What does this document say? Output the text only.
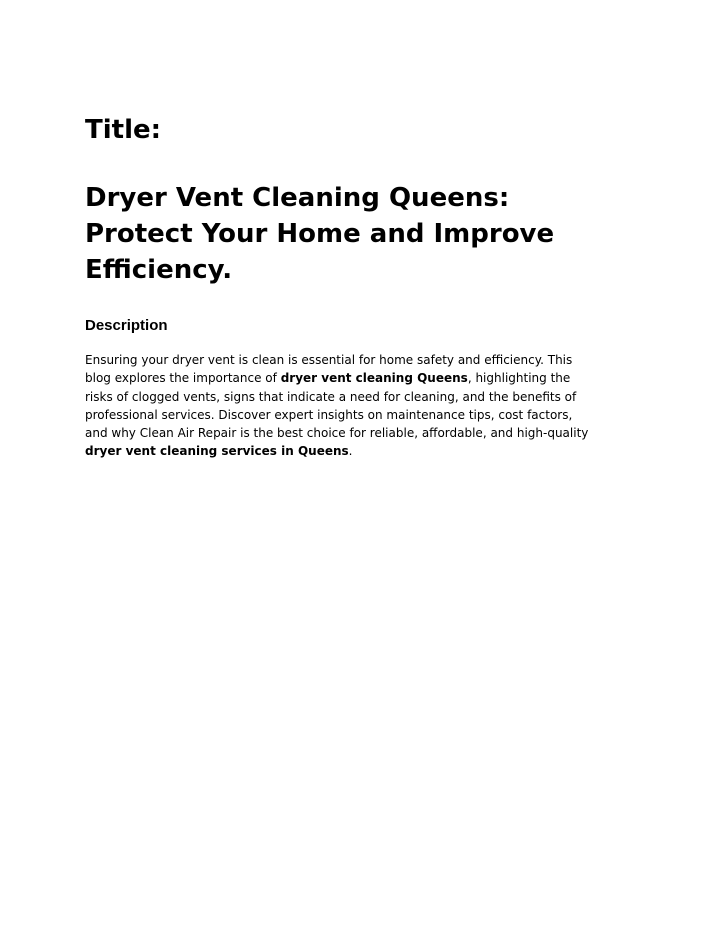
Title:
Dryer Vent Cleaning Queens:
Protect Your Home and Improve
Efficiency.
Description

Ensuring your dryer vent is clean is essential for home safety and efficiency. This
blog explores the importance of dryer vent cleaning Queens, highlighting the
risks of clogged vents, signs that indicate a need for cleaning, and the benefits of
professional services. Discover expert insights on maintenance tips, cost factors,
and why Clean Air Repair is the best choice for reliable, affordable, and high-quality
dryer vent cleaning services in Queens.
